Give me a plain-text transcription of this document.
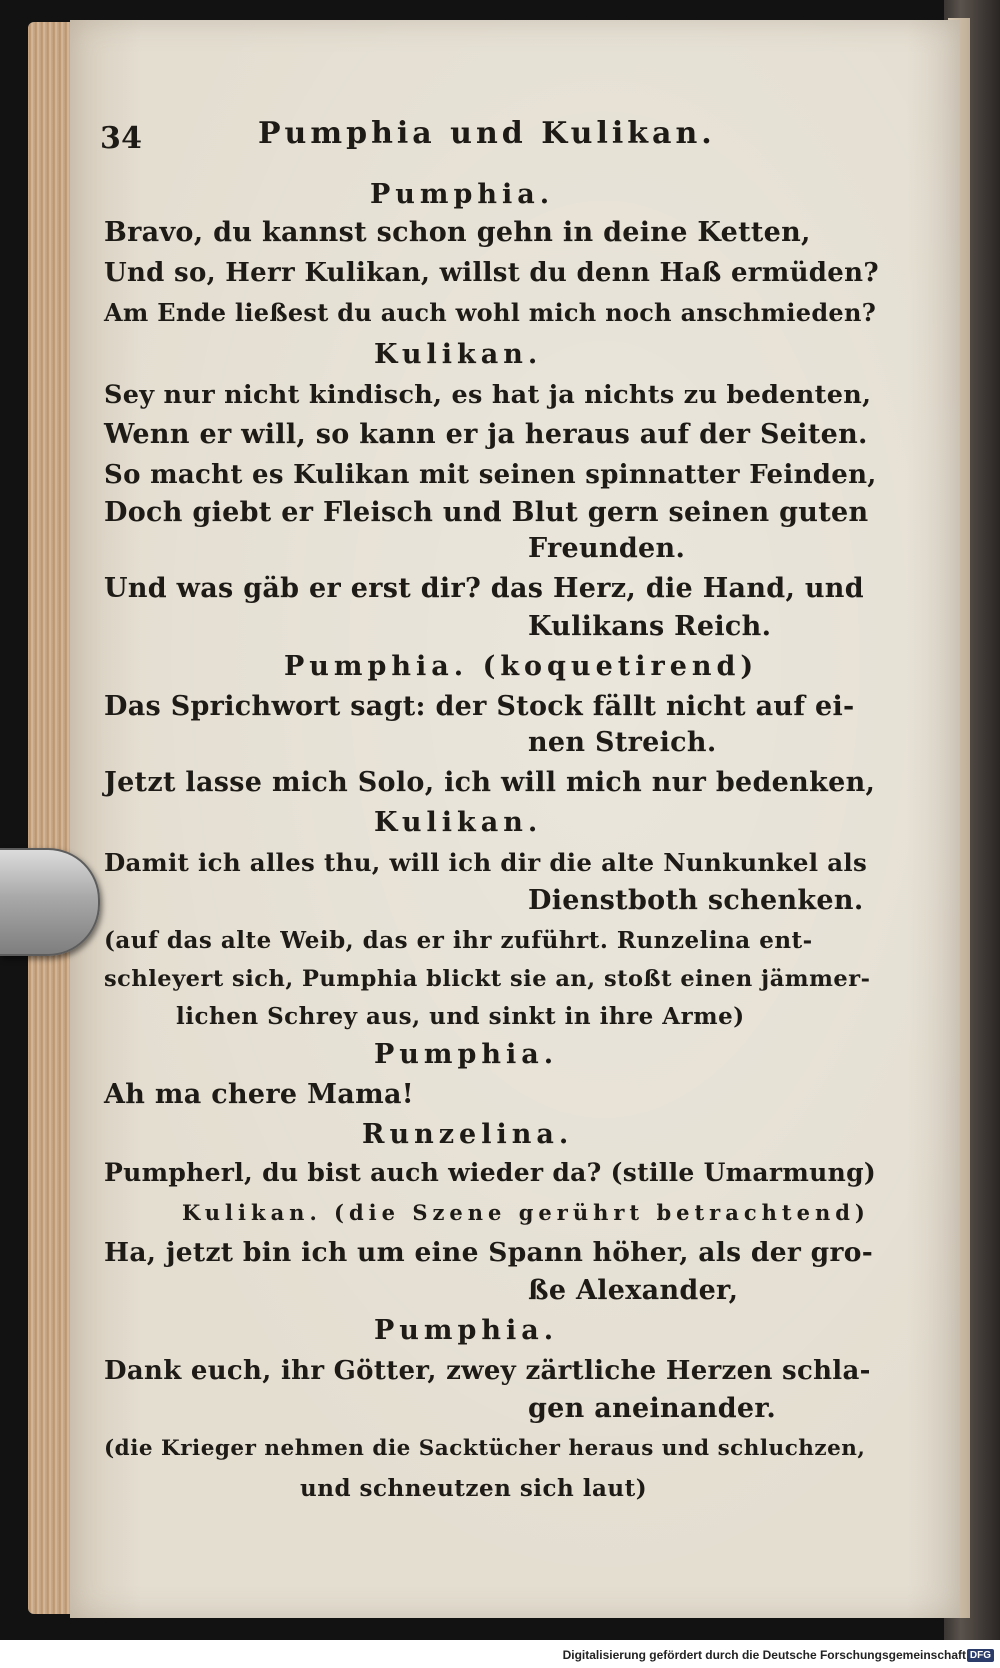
34	Pumphia und Kulikan.
Pumphia.
Bravo, du kannst schon gehn in deine Ketten,
Und so, Herr Kulikan, willst du denn Haß ermüden?
Am Ende ließest du auch wohl mich noch anschmieden?
Kulikan.
Sey nur nicht kindisch, es hat ja nichts zu bedenten,
Wenn er will, so kann er ja heraus auf der Seiten.
So macht es Kulikan mit seinen spinnatter Feinden,
Doch giebt er Fleisch und Blut gern seinen guten
Freunden.
Und was gäb er erst dir? das Herz, die Hand, und
Kulikans Reich.
Pumphia. (koquetirend)
Das Sprichwort sagt: der Stock fällt nicht auf ei-
nen Streich.
Jetzt lasse mich Solo, ich will mich nur bedenken,
Kulikan.
Damit ich alles thu, will ich dir die alte Nunkunkel als
Dienstboth schenken.
(auf das alte Weib, das er ihr zuführt. Runzelina ent-
schleyert sich, Pumphia blickt sie an, stoßt einen jämmer-
lichen Schrey aus, und sinkt in ihre Arme)
Pumphia.
Ah ma chere Mama!
Runzelina.
Pumpherl, du bist auch wieder da? (stille Umarmung)
Kulikan. (die Szene gerührt betrachtend)
Ha, jetzt bin ich um eine Spann höher, als der gro-
ße Alexander,
Pumphia.
Dank euch, ihr Götter, zwey zärtliche Herzen schla-
gen aneinander.
(die Krieger nehmen die Sacktücher heraus und schluchzen,
und schneutzen sich laut)
Digitalisierung gefördert durch die Deutsche Forschungsgemeinschaft DFG
